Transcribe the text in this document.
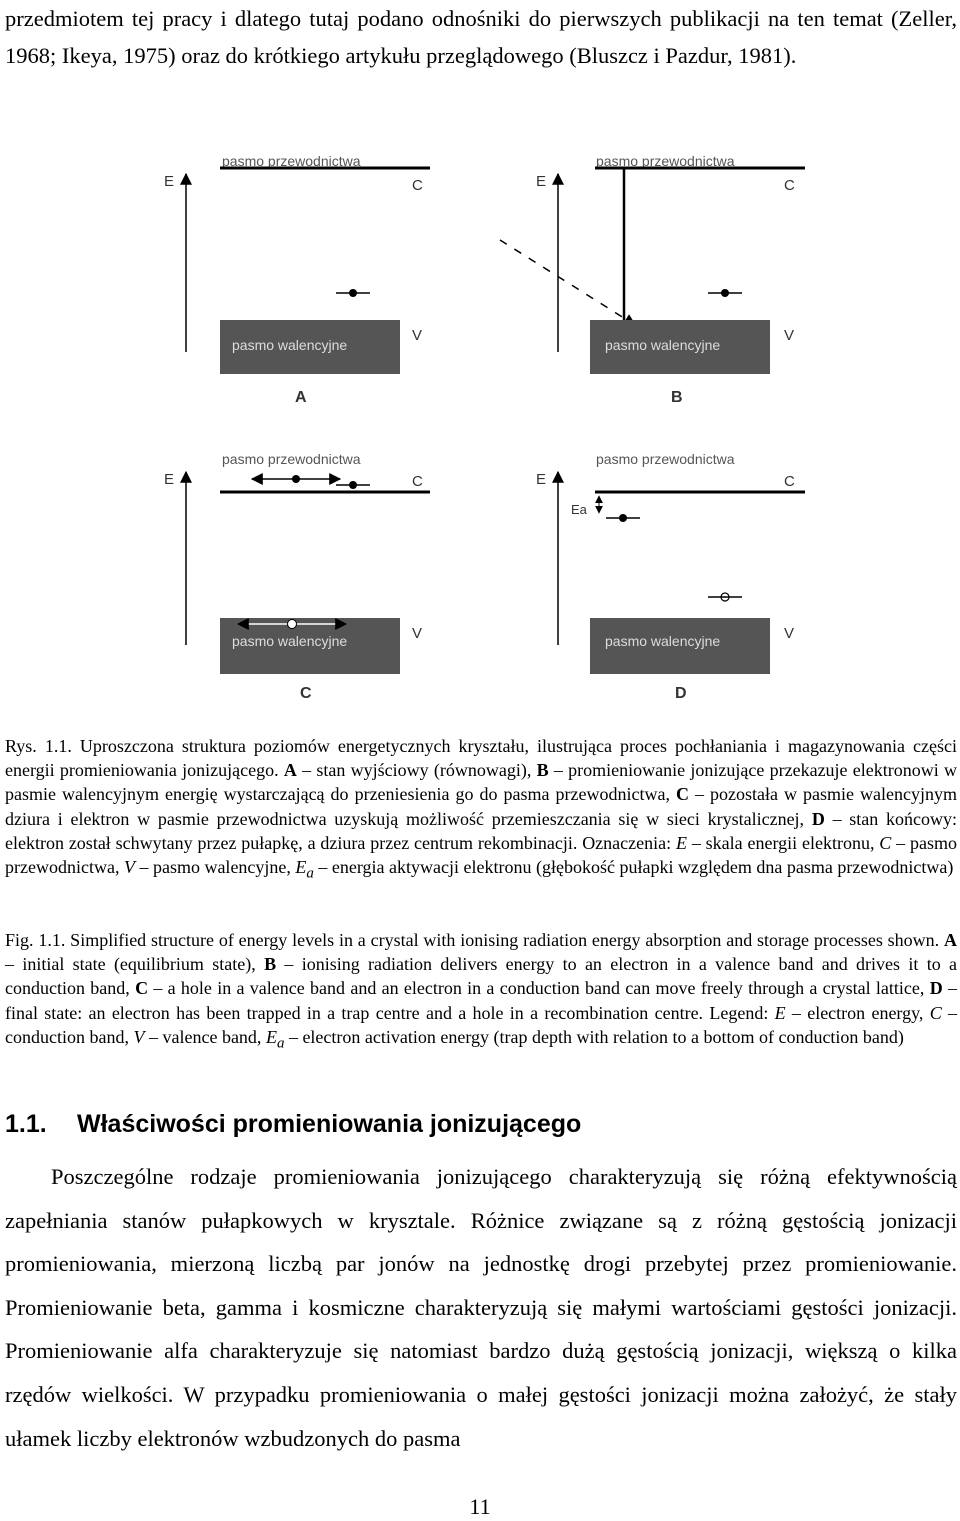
przedmiotem tej pracy i dlatego tutaj podano odnośniki do pierwszych publikacji na ten temat (Zeller, 1968; Ikeya, 1975) oraz do krótkiego artykułu przeglądowego (Bluszcz i Pazdur, 1981).

pasmo przewodnictwa
E	C
pasmo walencyjne
V
A
pasmo przewodnictwa
E	C
pasmo walencyjne
V
B
pasmo przewodnictwa
E	C
pasmo walencyjne	V
C
pasmo przewodnictwa
E	C
Ea
pasmo walencyjne	V
D

Rys. 1.1. Uproszczona struktura poziomów energetycznych kryształu, ilustrująca proces pochłaniania i magazynowania części energii promieniowania jonizującego. A – stan wyjściowy (równowagi), B – promieniowanie jonizujące przekazuje elektronowi w pasmie walencyjnym energię wystarczającą do przeniesienia go do pasma przewodnictwa, C – pozostała w pasmie walencyjnym dziura i elektron w pasmie przewodnictwa uzyskują możliwość przemieszczania się w sieci krystalicznej, D – stan końcowy: elektron został schwytany przez pułapkę, a dziura przez centrum rekombinacji. Oznaczenia: E – skala energii elektronu, C – pasmo przewodnictwa, V – pasmo walencyjne, $E_a$ – energia aktywacji elektronu (głębokość pułapki względem dna pasma przewodnictwa)

Fig. 1.1. Simplified structure of energy levels in a crystal with ionising radiation energy absorption and storage processes shown. A – initial state (equilibrium state), B – ionising radiation delivers energy to an electron in a valence band and drives it to a conduction band, C – a hole in a valence band and an electron in a conduction band can move freely through a crystal lattice, D – final state: an electron has been trapped in a trap centre and a hole in a recombination centre. Legend: E – electron energy, C – conduction band, V – valence band, $E_a$ – electron activation energy (trap depth with relation to a bottom of conduction band)

1.1. Właściwości promieniowania jonizującego

Poszczególne rodzaje promieniowania jonizującego charakteryzują się różną efektywnością zapełniania stanów pułapkowych w krysztale. Różnice związane są z różną gęstością jonizacji promieniowania, mierzoną liczbą par jonów na jednostkę drogi przebytej przez promieniowanie. Promieniowanie beta, gamma i kosmiczne charakteryzują się małymi wartościami gęstości jonizacji. Promieniowanie alfa charakteryzuje się natomiast bardzo dużą gęstością jonizacji, większą o kilka rzędów wielkości. W przypadku promieniowania o małej gęstości jonizacji można założyć, że stały ułamek liczby elektronów wzbudzonych do pasma

11
